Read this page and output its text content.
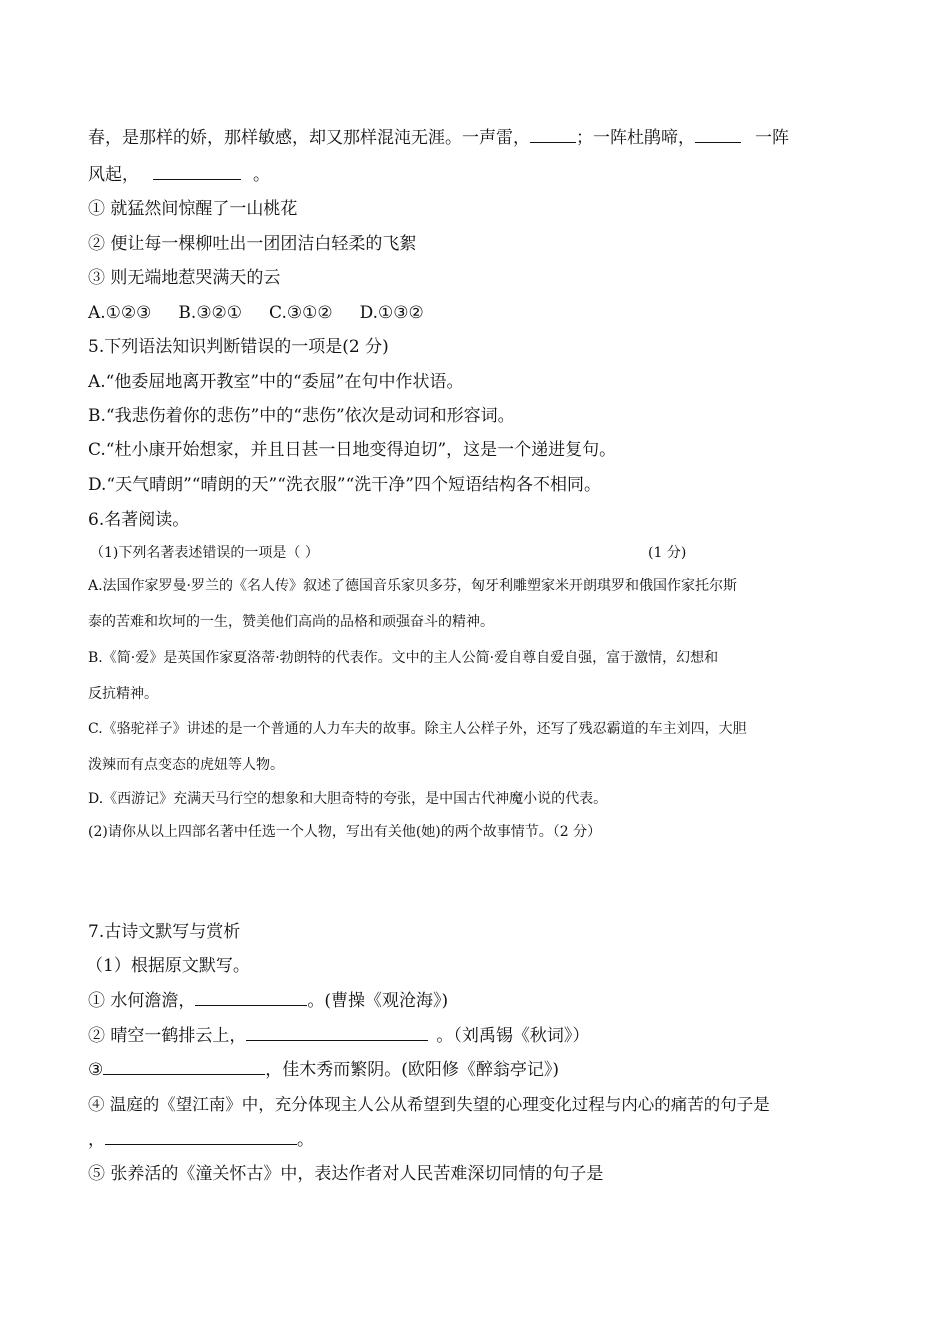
春，是那样的娇，那样敏感，却又那样混沌无涯。一声雷，	；一阵杜鹃啼，	一阵
风起，	。
① 就猛然间惊醒了一山桃花
② 便让每一棵柳吐出一团团洁白轻柔的飞絮
③ 则无端地惹哭满天的云
A.①②③     B.③②①     C.③①②     D.①③②
5.下列语法知识判断错误的一项是(2 分)
A.“他委屈地离开教室”中的“委屈”在句中作状语。
B.“我悲伤着你的悲伤”中的“悲伤”依次是动词和形容词。
C.“杜小康开始想家，并且日甚一日地变得迫切”，这是一个递进复句。
D.“天气晴朗”“晴朗的天”“洗衣服”“洗干净”四个短语结构各不相同。
6.名著阅读。
（1)下列名著表述错误的一项是（ ）	(1 分)
A.法国作家罗曼·罗兰的《名人传》叙述了德国音乐家贝多芬，匈牙利雕塑家米开朗琪罗和俄国作家托尔斯
泰的苦难和坎坷的一生，赞美他们高尚的品格和顽强奋斗的精神。
B.《简·爱》是英国作家夏洛蒂·勃朗特的代表作。文中的主人公简·爱自尊自爱自强，富于激情，幻想和
反抗精神。
C.《骆驼祥子》讲述的是一个普通的人力车夫的故事。除主人公样子外，还写了残忍霸道的车主刘四，大胆
泼辣而有点变态的虎妞等人物。
D.《西游记》充满天马行空的想象和大胆奇特的夸张，是中国古代神魔小说的代表。
(2)请你从以上四部名著中任选一个人物，写出有关他(她)的两个故事情节。（2 分）
7.古诗文默写与赏析
（1）根据原文默写。
① 水何澹澹，	。(曹操《观沧海》)
② 晴空一鹤排云上，	。（刘禹锡《秋词》）
③	，佳木秀而繁阴。(欧阳修《醉翁亭记》)
④ 温庭的《望江南》中，充分体现主人公从希望到失望的心理变化过程与内心的痛苦的句子是
，	。
⑤ 张养活的《潼关怀古》中，表达作者对人民苦难深切同情的句子是
